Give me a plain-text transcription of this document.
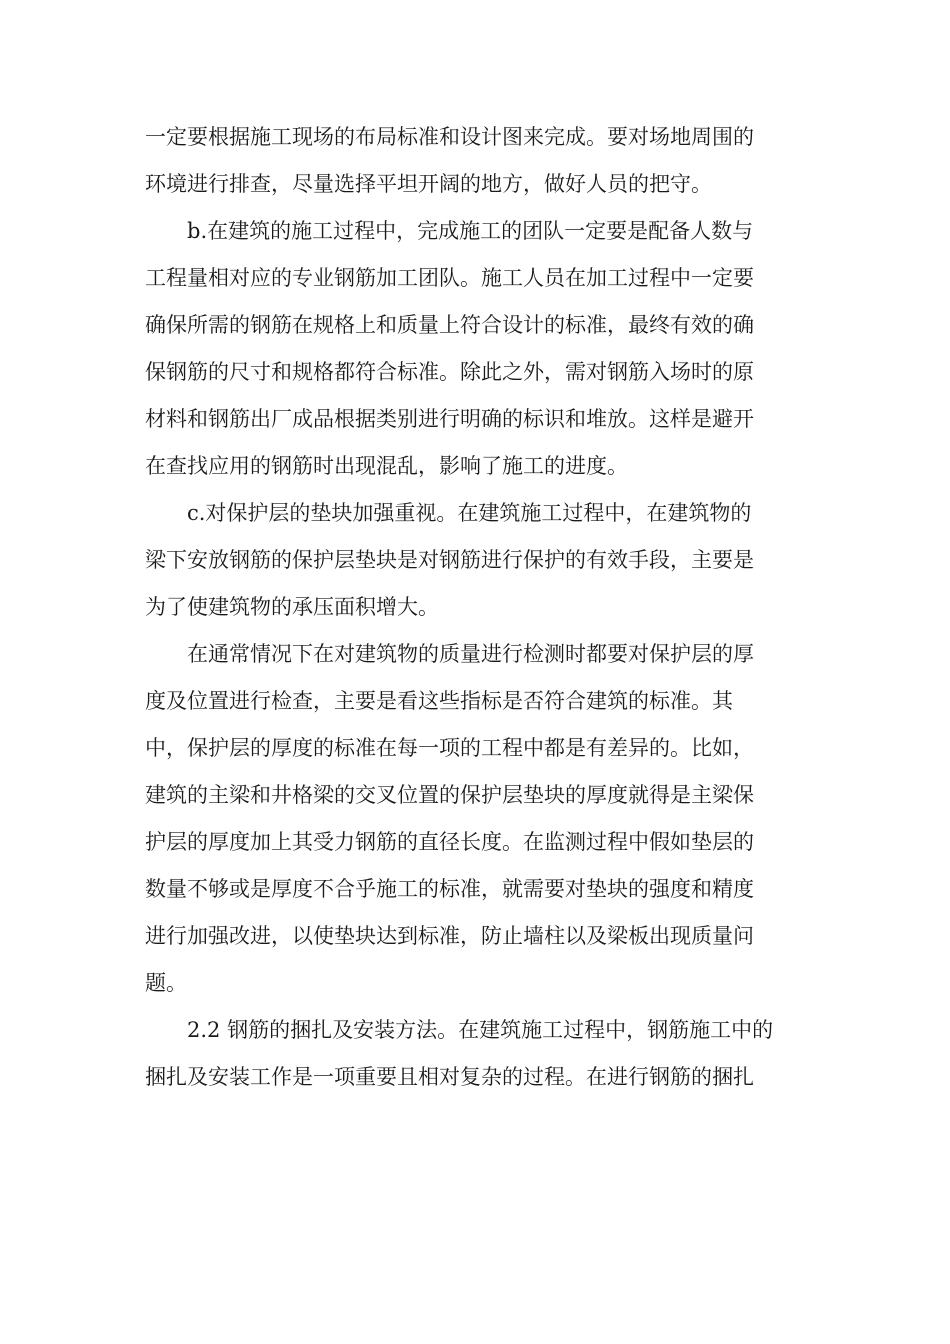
一定要根据施工现场的布局标准和设计图来完成。要对场地周围的
环境进行排查，尽量选择平坦开阔的地方，做好人员的把守。
b.在建筑的施工过程中，完成施工的团队一定要是配备人数与
工程量相对应的专业钢筋加工团队。施工人员在加工过程中一定要
确保所需的钢筋在规格上和质量上符合设计的标准，最终有效的确
保钢筋的尺寸和规格都符合标准。除此之外，需对钢筋入场时的原
材料和钢筋出厂成品根据类别进行明确的标识和堆放。这样是避开
在查找应用的钢筋时出现混乱，影响了施工的进度。
c.对保护层的垫块加强重视。在建筑施工过程中，在建筑物的
梁下安放钢筋的保护层垫块是对钢筋进行保护的有效手段，主要是
为了使建筑物的承压面积增大。
在通常情况下在对建筑物的质量进行检测时都要对保护层的厚
度及位置进行检查，主要是看这些指标是否符合建筑的标准。其
中，保护层的厚度的标准在每一项的工程中都是有差异的。比如，
建筑的主梁和井格梁的交叉位置的保护层垫块的厚度就得是主梁保
护层的厚度加上其受力钢筋的直径长度。在监测过程中假如垫层的
数量不够或是厚度不合乎施工的标准，就需要对垫块的强度和精度
进行加强改进，以使垫块达到标准，防止墙柱以及梁板出现质量问
题。
2.2 钢筋的捆扎及安装方法。在建筑施工过程中，钢筋施工中的
捆扎及安装工作是一项重要且相对复杂的过程。在进行钢筋的捆扎
